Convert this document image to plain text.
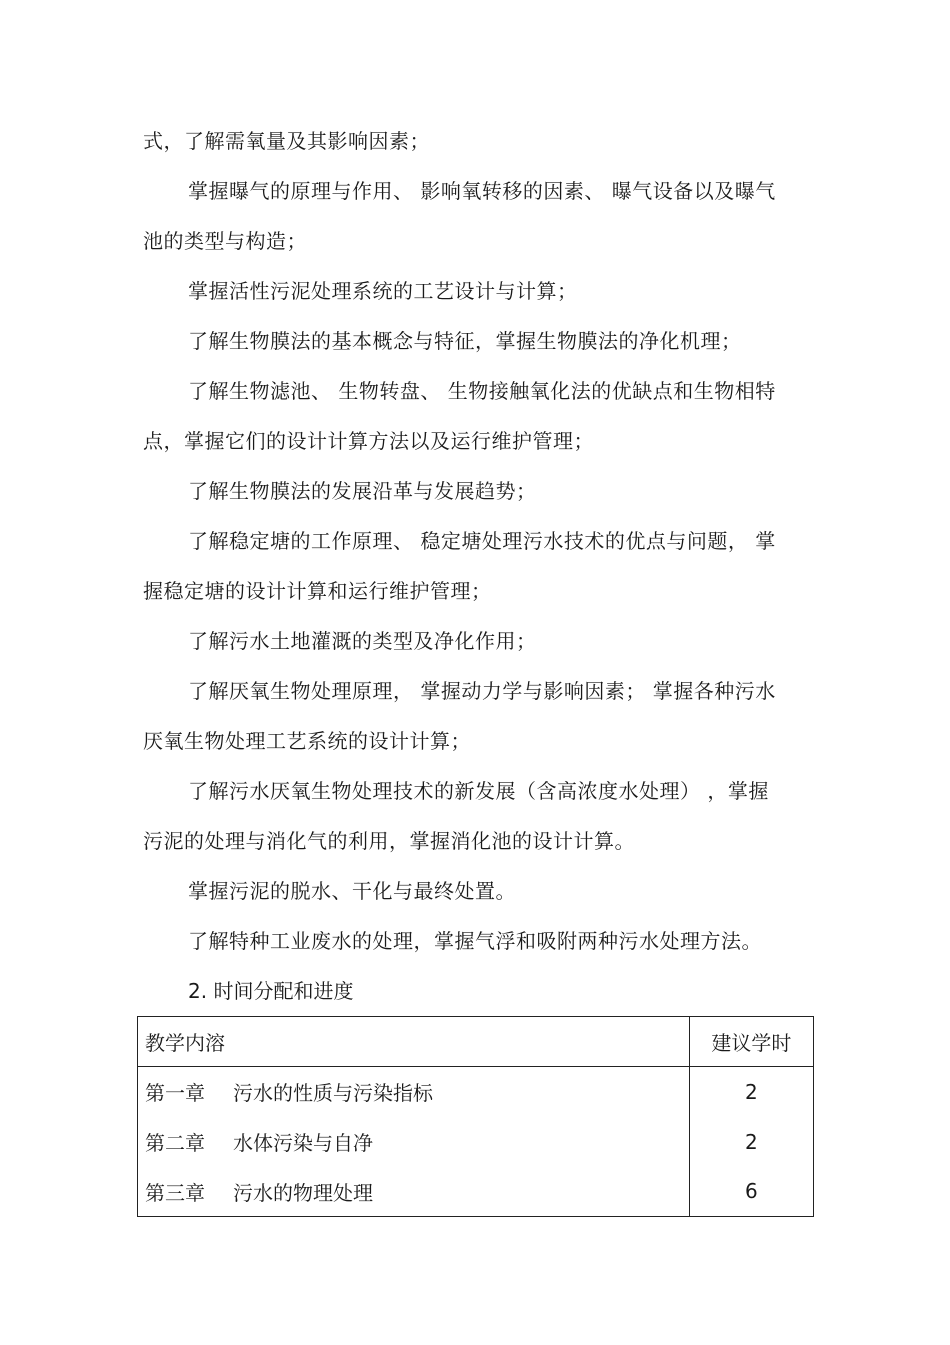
式，了解需氧量及其影响因素；
掌握曝气的原理与作用、 影响氧转移的因素、 曝气设备以及曝气
池的类型与构造；
掌握活性污泥处理系统的工艺设计与计算；
了解生物膜法的基本概念与特征，掌握生物膜法的净化机理；
了解生物滤池、 生物转盘、 生物接触氧化法的优缺点和生物相特
点，掌握它们的设计计算方法以及运行维护管理；
了解生物膜法的发展沿革与发展趋势；
了解稳定塘的工作原理、 稳定塘处理污水技术的优点与问题， 掌
握稳定塘的设计计算和运行维护管理；
了解污水土地灌溉的类型及净化作用；
了解厌氧生物处理原理， 掌握动力学与影响因素； 掌握各种污水
厌氧生物处理工艺系统的设计计算；
了解污水厌氧生物处理技术的新发展（含高浓度水处理） ，掌握
污泥的处理与消化气的利用，掌握消化池的设计计算。
掌握污泥的脱水、干化与最终处置。
了解特种工业废水的处理，掌握气浮和吸附两种污水处理方法。
2. 时间分配和进度
教学内溶	建议学时
第一章 污水的性质与污染指标	2
第二章 水体污染与自净	2
第三章 污水的物理处理	6
